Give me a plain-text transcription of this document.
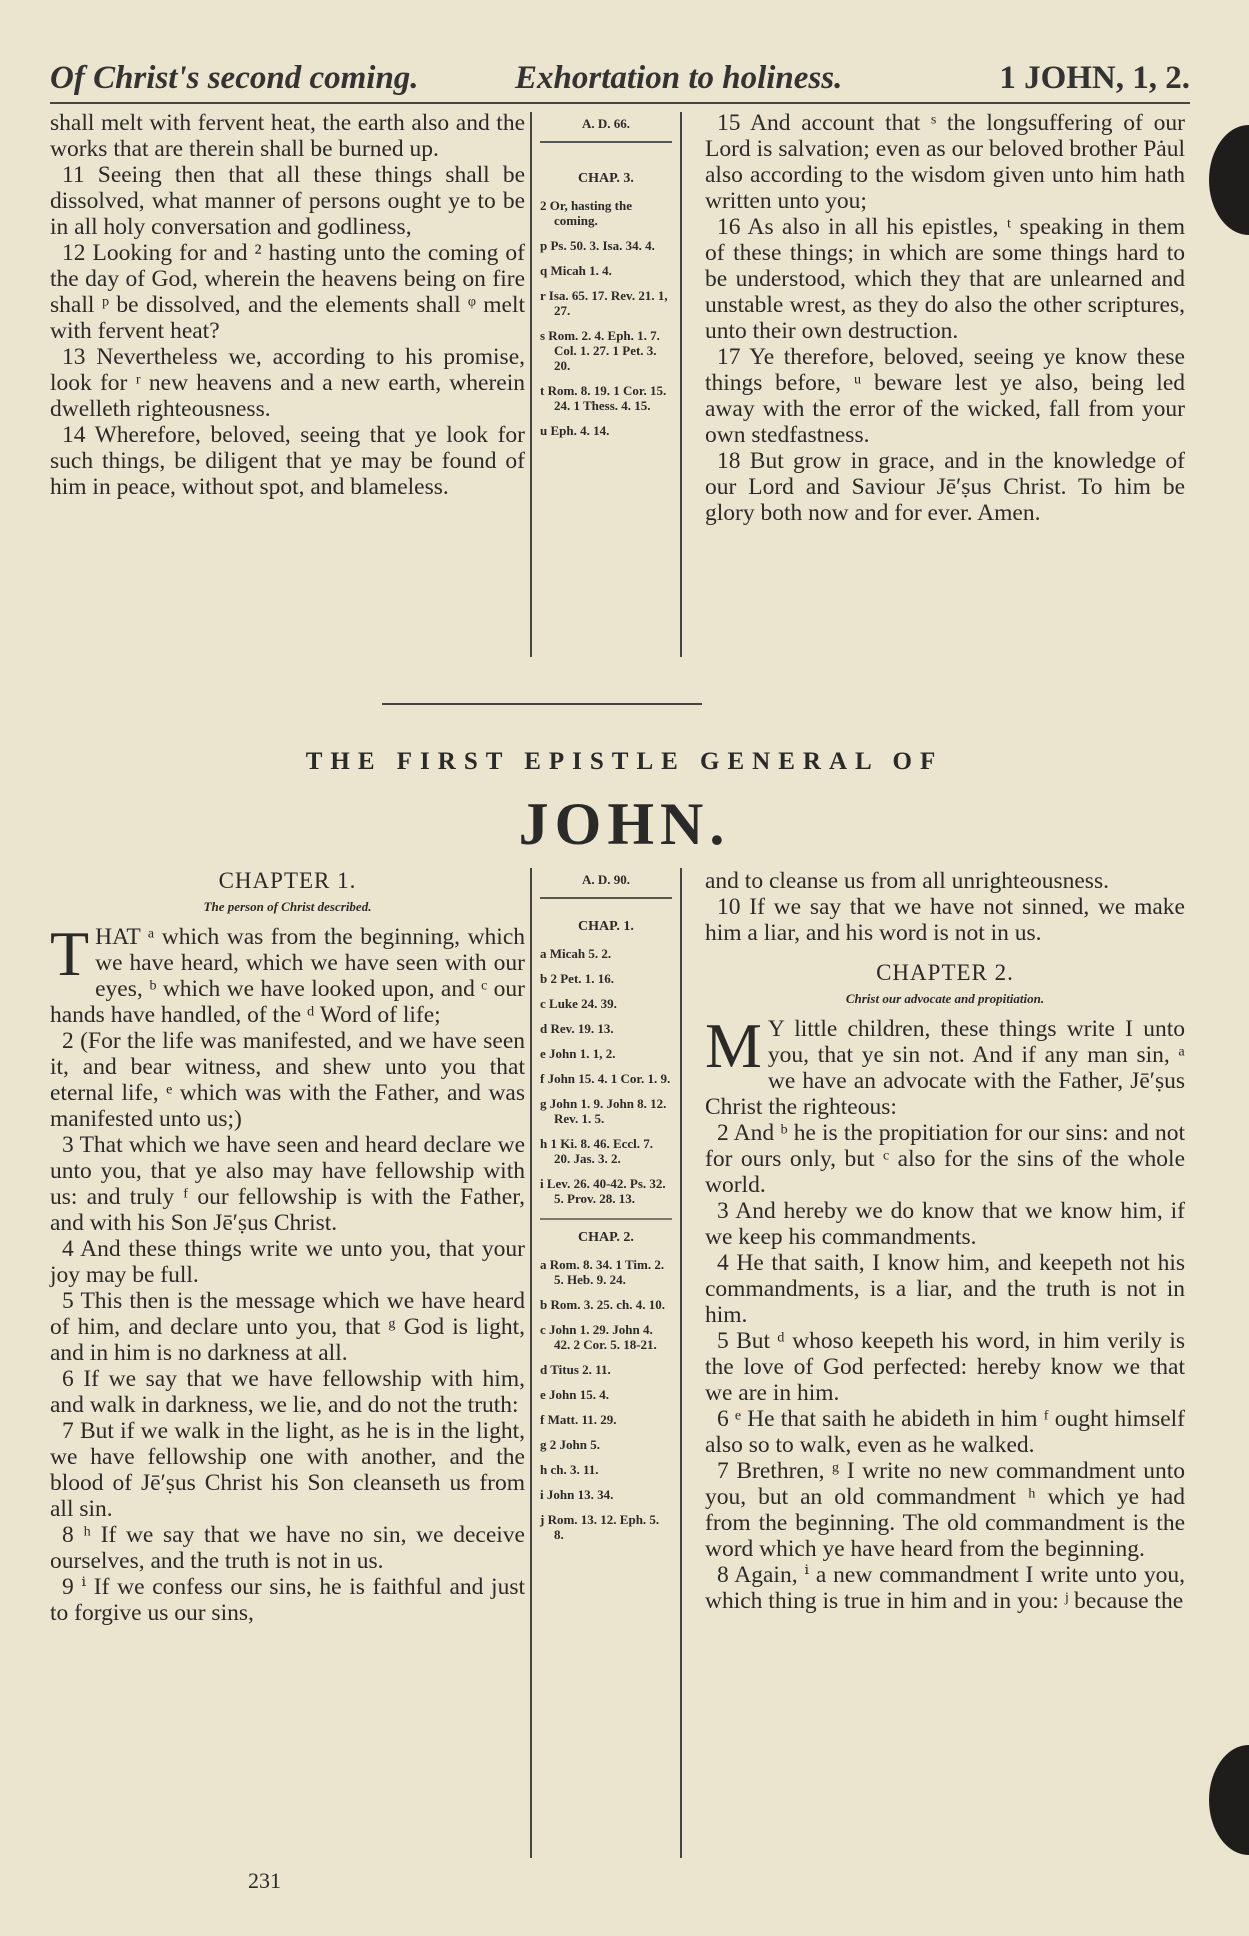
Of Christ's second coming.	Exhortation to holiness.	1 JOHN, 1, 2.

shall melt with fervent heat, the earth also and the works that are therein shall be burned up.

11 Seeing then that all these things shall be dissolved, what manner of persons ought ye to be in all holy conversation and godliness,

12 Looking for and ² hasting unto the coming of the day of God, wherein the heavens being on fire shall ᵖ be dissolved, and the elements shall ᵠ melt with fervent heat?

13 Nevertheless we, according to his promise, look for ʳ new heavens and a new earth, wherein dwelleth righteousness.

14 Wherefore, beloved, seeing that ye look for such things, be diligent that ye may be found of him in peace, without spot, and blameless.

A. D. 66.
CHAP. 3.
2 Or, hasting the coming.
p Ps. 50. 3. Isa. 34. 4.
q Micah 1. 4.
r Isa. 65. 17. Rev. 21. 1, 27.
s Rom. 2. 4. Eph. 1. 7. Col. 1. 27. 1 Pet. 3. 20.
t Rom. 8. 19. 1 Cor. 15. 24. 1 Thess. 4. 15.
u Eph. 4. 14.

15 And account that ˢ the longsuffering of our Lord is salvation; even as our beloved brother Pȧul also according to the wisdom given unto him hath written unto you;

16 As also in all his epistles, ᵗ speaking in them of these things; in which are some things hard to be understood, which they that are unlearned and unstable wrest, as they do also the other scriptures, unto their own destruction.

17 Ye therefore, beloved, seeing ye know these things before, ᵘ beware lest ye also, being led away with the error of the wicked, fall from your own stedfastness.

18 But grow in grace, and in the knowledge of our Lord and Saviour Jē′ṣus Christ. To him be glory both now and for ever. Amen.

THE FIRST EPISTLE GENERAL OF
JOHN.

CHAPTER 1.

The person of Christ described.

THAT ᵃ which was from the beginning, which we have heard, which we have seen with our eyes, ᵇ which we have looked upon, and ᶜ our hands have handled, of the ᵈ Word of life;

2 (For the life was manifested, and we have seen it, and bear witness, and shew unto you that eternal life, ᵉ which was with the Father, and was manifested unto us;)

3 That which we have seen and heard declare we unto you, that ye also may have fellowship with us: and truly ᶠ our fellowship is with the Father, and with his Son Jē′ṣus Christ.

4 And these things write we unto you, that your joy may be full.

5 This then is the message which we have heard of him, and declare unto you, that ᵍ God is light, and in him is no darkness at all.

6 If we say that we have fellowship with him, and walk in darkness, we lie, and do not the truth:

7 But if we walk in the light, as he is in the light, we have fellowship one with another, and the blood of Jē′ṣus Christ his Son cleanseth us from all sin.

8 ʰ If we say that we have no sin, we deceive ourselves, and the truth is not in us.

9 ⁱ If we confess our sins, he is faithful and just to forgive us our sins,

A. D. 90.
CHAP. 1.
a Micah 5. 2.
b 2 Pet. 1. 16.
c Luke 24. 39.
d Rev. 19. 13.
e John 1. 1, 2.
f John 15. 4. 1 Cor. 1. 9.
g John 1. 9. John 8. 12. Rev. 1. 5.
h 1 Ki. 8. 46. Eccl. 7. 20. Jas. 3. 2.
i Lev. 26. 40-42. Ps. 32. 5. Prov. 28. 13.
CHAP. 2.
a Rom. 8. 34. 1 Tim. 2. 5. Heb. 9. 24.
b Rom. 3. 25. ch. 4. 10.
c John 1. 29. John 4. 42. 2 Cor. 5. 18-21.
d Titus 2. 11.
e John 15. 4.
f Matt. 11. 29.
g 2 John 5.
h ch. 3. 11.
i John 13. 34.
j Rom. 13. 12. Eph. 5. 8.

and to cleanse us from all unrighteousness.

10 If we say that we have not sinned, we make him a liar, and his word is not in us.

CHAPTER 2.

Christ our advocate and propitiation.

M Y little children, these things write I unto you, that ye sin not. And if any man sin, ᵃ we have an advocate with the Father, Jē′ṣus Christ the righteous:

2 And ᵇ he is the propitiation for our sins: and not for ours only, but ᶜ also for the sins of the whole world.

3 And hereby we do know that we know him, if we keep his commandments.

4 He that saith, I know him, and keepeth not his commandments, is a liar, and the truth is not in him.

5 But ᵈ whoso keepeth his word, in him verily is the love of God perfected: hereby know we that we are in him.

6 ᵉ He that saith he abideth in him ᶠ ought himself also so to walk, even as he walked.

7 Brethren, ᵍ I write no new commandment unto you, but an old commandment ʰ which ye had from the beginning. The old commandment is the word which ye have heard from the beginning.

8 Again, ⁱ a new commandment I write unto you, which thing is true in him and in you: ʲ because the

231
